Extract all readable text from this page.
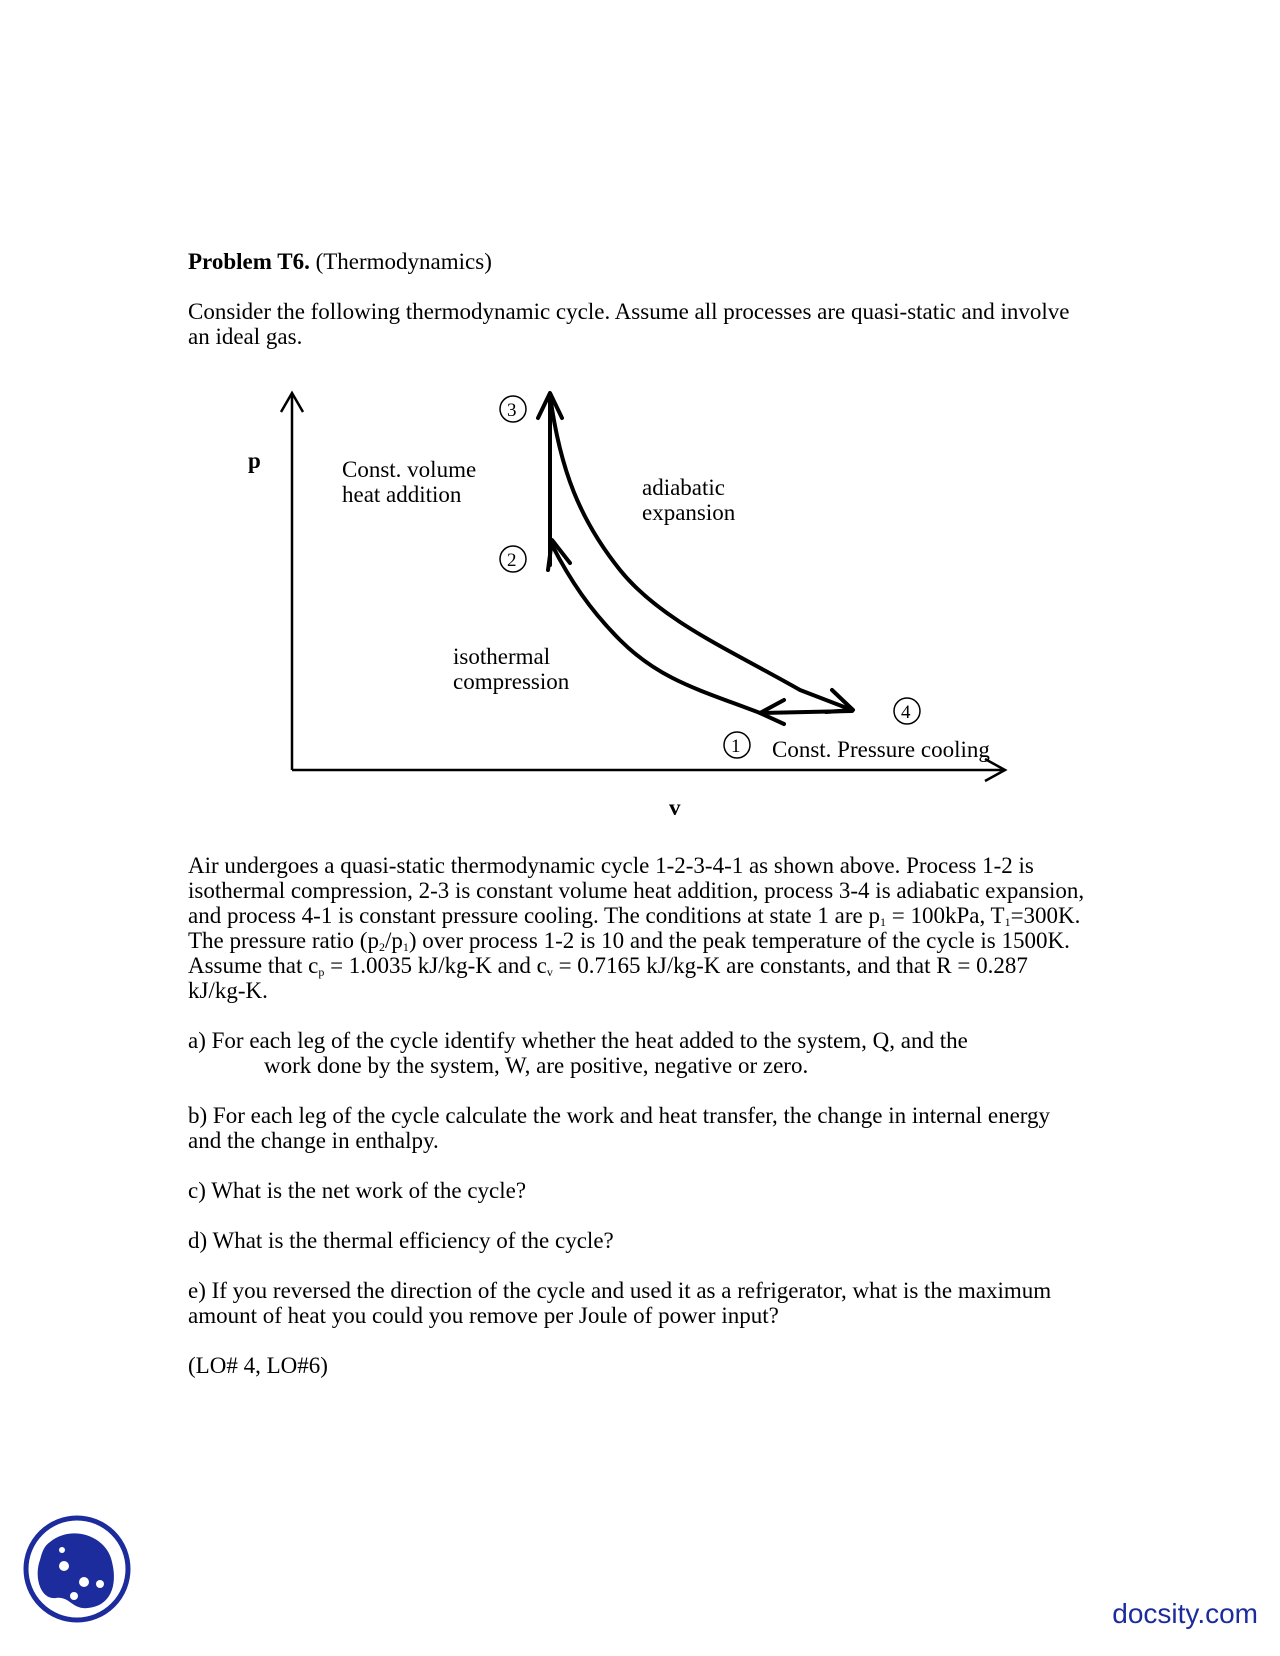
Problem T6. (Thermodynamics)
Consider the following thermodynamic cycle. Assume all processes are quasi-static and involve an ideal gas.
p
v
3
2
4
1
Const. volume
heat addition	adiabatic
expansion
isothermal
compression
Const. Pressure cooling
Air undergoes a quasi-static thermodynamic cycle 1-2-3-4-1 as shown above. Process 1-2 is isothermal compression, 2-3 is constant volume heat addition, process 3-4 is adiabatic expansion, and process 4-1 is constant pressure cooling. The conditions at state 1 are $p_1 = 100kPa$, $T_1=300K$. The pressure ratio $(p_2/p_1)$ over process 1-2 is 10 and the peak temperature of the cycle is 1500K. Assume that $c_p = 1.0035$ kJ/kg-K and $c_v = 0.7165$ kJ/kg-K are constants, and that R = 0.287 kJ/kg-K.
a) For each leg of the cycle identify whether the heat added to the system, Q, and the
work done by the system, W, are positive, negative or zero.
b) For each leg of the cycle calculate the work and heat transfer, the change in internal energy and the change in enthalpy.
c) What is the net work of the cycle?
d) What is the thermal efficiency of the cycle?
e) If you reversed the direction of the cycle and used it as a refrigerator, what is the maximum amount of heat you could you remove per Joule of power input?
(LO# 4, LO#6)
docsity.com
